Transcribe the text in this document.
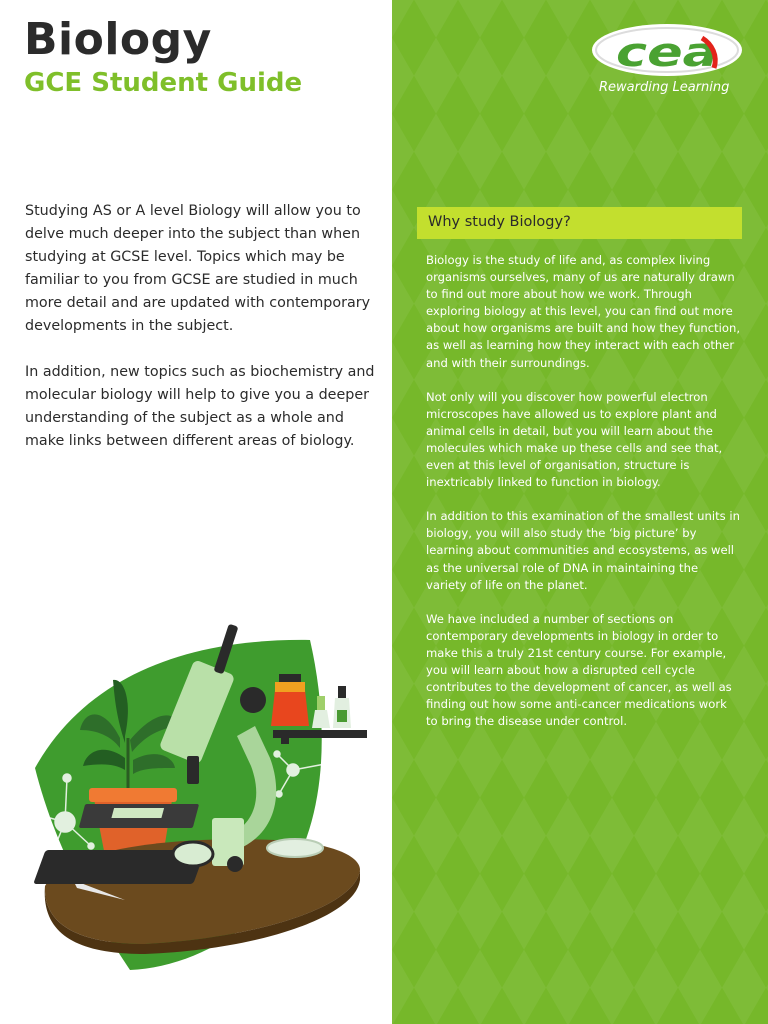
Biology
GCE Student Guide

Studying AS or A level Biology will allow you to delve much deeper into the subject than when studying at GCSE level. Topics which may be familiar to you from GCSE are studied in much more detail and are updated with contemporary developments in the subject.

In addition, new topics such as biochemistry and molecular biology will help to give you a deeper understanding of the subject as a whole and make links between different areas of biology.

cea
Rewarding Learning
Why study Biology?

Biology is the study of life and, as complex living organisms ourselves, many of us are naturally drawn to find out more about how we work. Through exploring biology at this level, you can find out more about how organisms are built and how they function, as well as learning how they interact with each other and with their surroundings.

Not only will you discover how powerful electron microscopes have allowed us to explore plant and animal cells in detail, but you will learn about the molecules which make up these cells and see that, even at this level of organisation, structure is inextricably linked to function in biology.

In addition to this examination of the smallest units in biology, you will also study the ‘big picture’ by learning about communities and ecosystems, as well as the universal role of DNA in maintaining the variety of life on the planet.

We have included a number of sections on contemporary developments in biology in order to make this a truly 21st century course. For example, you will learn about how a disrupted cell cycle contributes to the development of cancer, as well as finding out how some anti-cancer medications work to bring the disease under control.
